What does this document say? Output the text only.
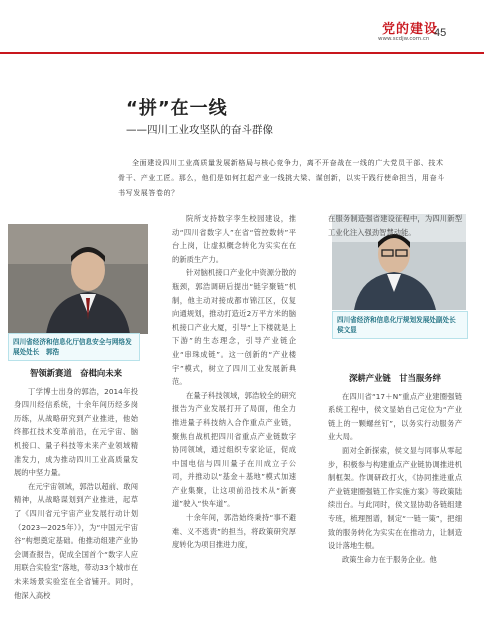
党的建设
www.scdjw.com.cn 45
“拼”在一线
——四川工业攻坚队的奋斗群像
全面建设四川工业高质量发展新格局与核心竞争力，离不开奋战在一线的广大党员干部、技术骨干、产业工匠。那么，他们是如何扛起产业一线挑大梁、谋创新，以实干践行使命担当，用奋斗书写发展答卷的？
四川省经济和信息化厅信息安全与网络发展处处长　郭浩
智领新赛道　奋楫向未来

丁学博士出身的郭浩，2014年投身四川经信系统，十余年间历经多岗历练，从战略研究到产业推进，他始终都扛技术变革前沿，在元宇宙、脑机接口、量子科技等未来产业领域精准发力，成为推动四川工业高质量发展的中坚力量。

在元宇宙领域，郭浩以超前、敢闯精神，从战略谋划到产业推进，起草了《四川省元宇宙产业发展行动计划（2023—2025年）》，为“中国元宇宙谷”构想奠定基础。他推动组建产业协会调查报告，促成全国首个“数字人应用联合实验室”落地，带动33个城市在未来场景实验室在全省铺开。同时，他深入高校

院所支持数字孪生校园建设，推动“四川省数字人”在省“管控数转”平台上岗，让虚拟概念转化为实实在在的新质生产力。

针对脑机接口产业化中资源分散的瓶颈，郭浩调研后提出“链字聚链”机制，他主动对接成都市锦江区，仅复向通规划，推动打造近2万平方米的脑机接口产业大厦，引导“上下楼就是上下游”的生态理念，引导产业链企业“串珠成链”。这一创新的“产业楼宇”模式，树立了四川工业发展新典范。

在量子科技领域，郭浩较全的研究报告为产业发展打开了局面，他全力推进量子科技纳入合作重点产业链，聚焦自战机把四川省重点产业链数字协同领域，通过组织专家论证，促成中国电信与四川量子在川成立子公司，并推动以“基金＋基地”模式加速产业集聚，让这项前沿技术从“新赛道”驶入“快车道”。

十余年间，郭浩始终秉持“事不避难、义不逃责”的担当，将政策研究厚度转化为项目推进力度，

四川省经济和信息化厅规划发展处副处长　侯文显

在服务制造强省建设征程中，为四川新型工业化注入强劲智慧动能。

深耕产业链　甘当服务绊

在四川省“17＋N”重点产业建圈强链系统工程中，侯文显始自己定位为“产业链上的一颗螺丝钉”，以务实行动服务产业大局。

面对全新探索，侯文显与同事从零起步，积极参与构建重点产业链协调推进机制框架。作调研政打火，《协同推进重点产业链建圈强链工作实施方案》等政策陆续出台。与此同时，侯文显协助各链组建专班，梳理图谱，制定“一链一策”，把细致的服务转化为实实在在推动力，让制造设计落地生根。

政策生命力在于服务企业。他
